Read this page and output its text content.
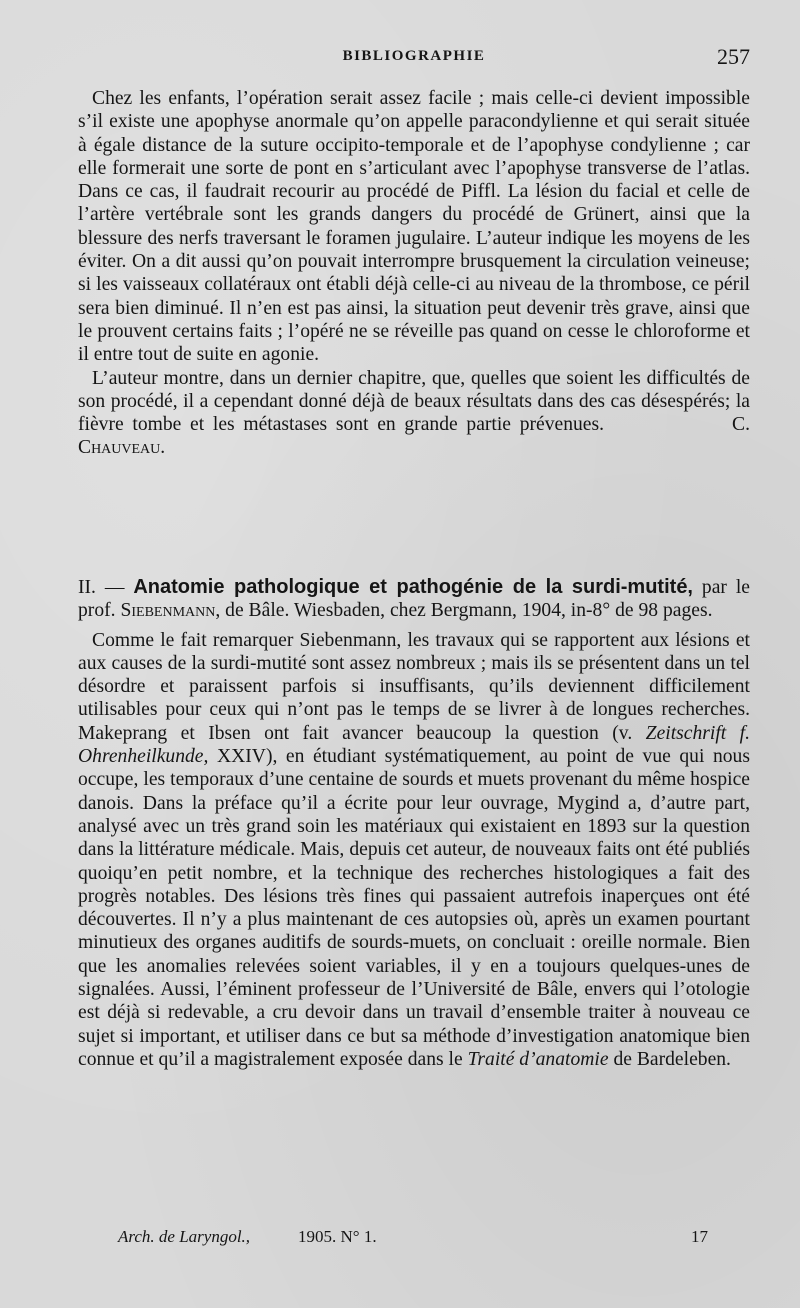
BIBLIOGRAPHIE	257

Chez les enfants, l’opération serait assez facile ; mais celle-ci devient impossible s’il existe une apophyse anormale qu’on appelle paracondylienne et qui serait située à égale distance de la suture occipito-temporale et de l’apophyse condylienne ; car elle formerait une sorte de pont en s’articulant avec l’apophyse transverse de l’atlas. Dans ce cas, il faudrait recourir au procédé de Piffl. La lésion du facial et celle de l’artère vertébrale sont les grands dangers du procédé de Grünert, ainsi que la blessure des nerfs traversant le foramen jugulaire. L’auteur indique les moyens de les éviter. On a dit aussi qu’on pouvait interrompre brusquement la circulation veineuse; si les vaisseaux collatéraux ont établi déjà celle-ci au niveau de la thrombose, ce péril sera bien diminué. Il n’en est pas ainsi, la situation peut devenir très grave, ainsi que le prouvent certains faits ; l’opéré ne se réveille pas quand on cesse le chloroforme et il entre tout de suite en agonie.

L’auteur montre, dans un dernier chapitre, que, quelles que soient les difficultés de son procédé, il a cependant donné déjà de beaux résultats dans des cas désespérés; la fièvre tombe et les métastases sont en grande partie prévenues.	C. Chauveau.

II. — Anatomie pathologique et pathogénie de la surdi-mutité, par le prof. Siebenmann, de Bâle. Wiesbaden, chez Bergmann, 1904, in-8° de 98 pages.

Comme le fait remarquer Siebenmann, les travaux qui se rapportent aux lésions et aux causes de la surdi-mutité sont assez nombreux ; mais ils se présentent dans un tel désordre et paraissent parfois si insuffisants, qu’ils deviennent difficilement utilisables pour ceux qui n’ont pas le temps de se livrer à de longues recherches. Makeprang et Ibsen ont fait avancer beaucoup la question (v. Zeitschrift f. Ohrenheilkunde, XXIV), en étudiant systématiquement, au point de vue qui nous occupe, les temporaux d’une centaine de sourds et muets provenant du même hospice danois. Dans la préface qu’il a écrite pour leur ouvrage, Mygind a, d’autre part, analysé avec un très grand soin les matériaux qui existaient en 1893 sur la question dans la littérature médicale. Mais, depuis cet auteur, de nouveaux faits ont été publiés quoiqu’en petit nombre, et la technique des recherches histologiques a fait des progrès notables. Des lésions très fines qui passaient autrefois inaperçues ont été découvertes. Il n’y a plus maintenant de ces autopsies où, après un examen pourtant minutieux des organes auditifs de sourds-muets, on concluait : oreille normale. Bien que les anomalies relevées soient variables, il y en a toujours quelques-unes de signalées. Aussi, l’éminent professeur de l’Université de Bâle, envers qui l’otologie est déjà si redevable, a cru devoir dans un travail d’ensemble traiter à nouveau ce sujet si important, et utiliser dans ce but sa méthode d’investigation anatomique bien connue et qu’il a magistralement exposée dans le Traité d’anatomie de Bardeleben.

Arch. de Laryngol.,	1905. N° 1.	17
